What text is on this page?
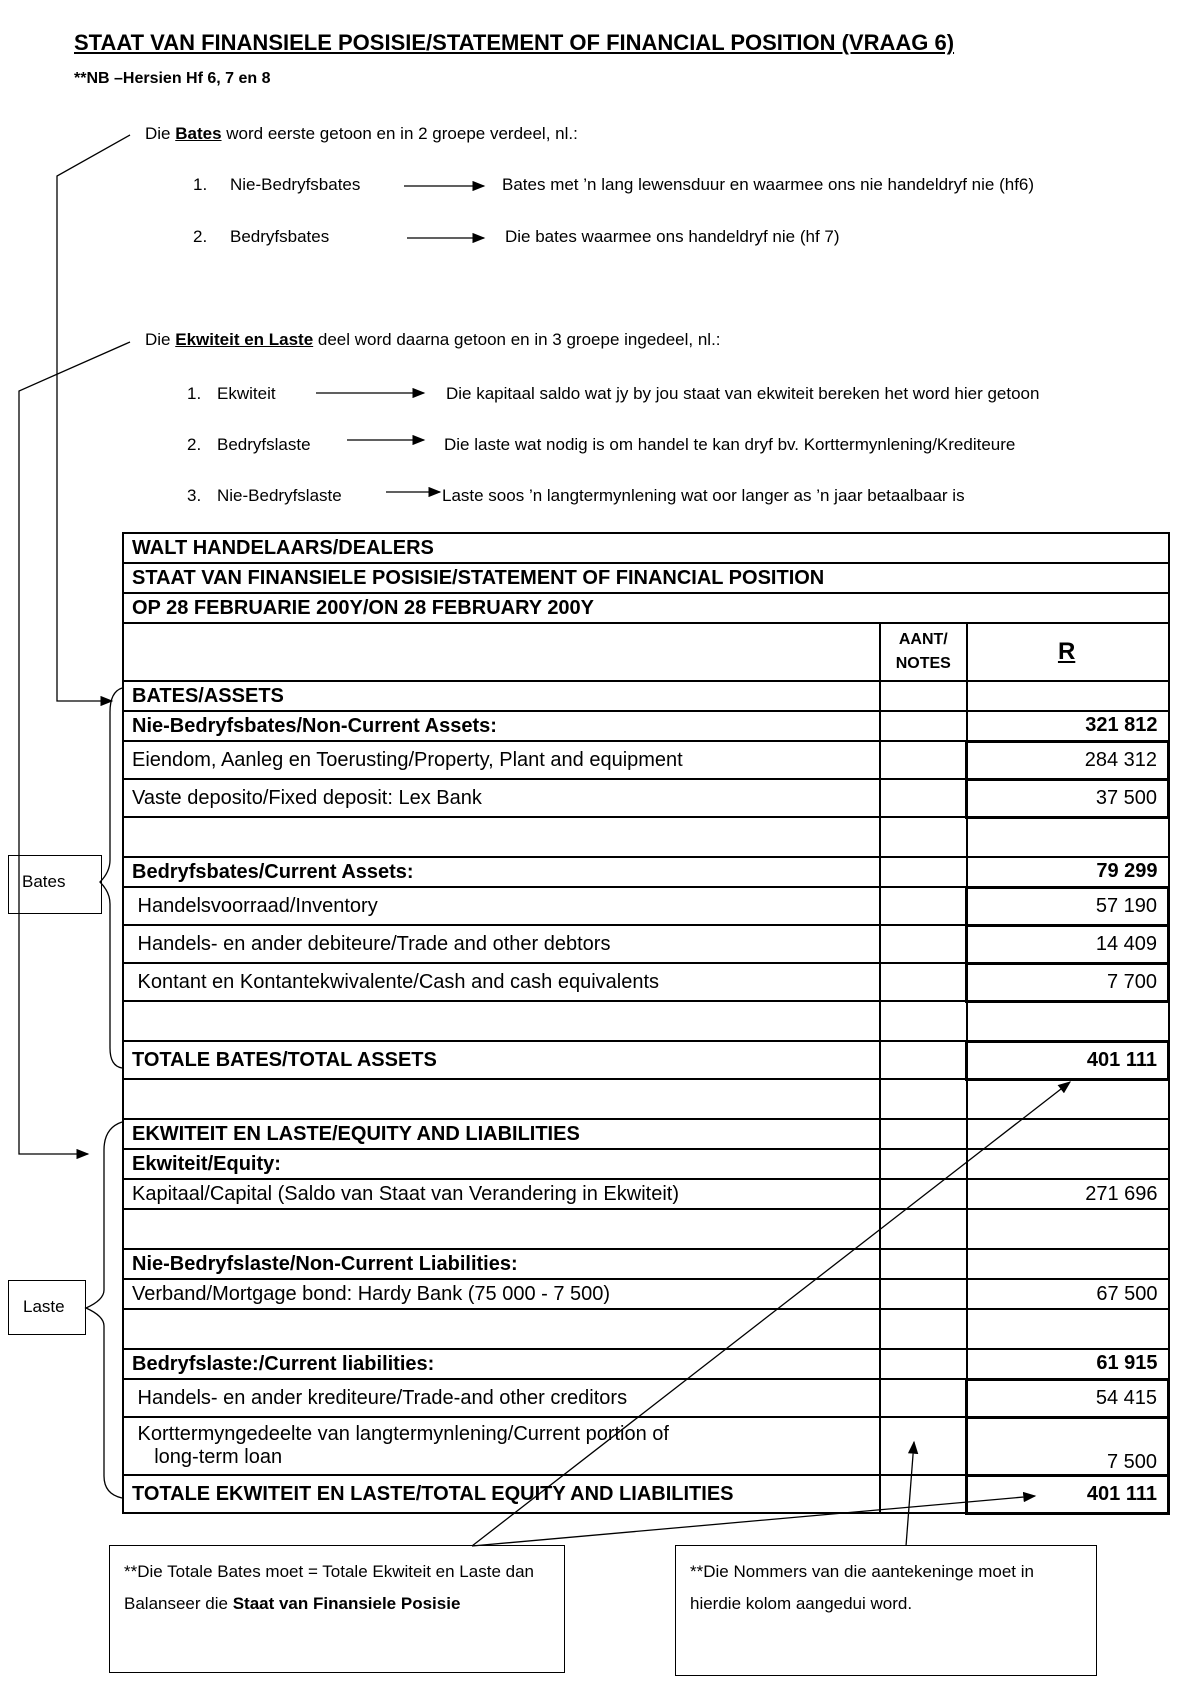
STAAT VAN FINANSIELE POSISIE/STATEMENT OF FINANCIAL POSITION (VRAAG 6)
**NB –Hersien Hf 6, 7 en 8
Die Bates word eerste getoon en in 2 groepe verdeel, nl.:
1. Nie-Bedryfsbates	Bates met ’n lang lewensduur en waarmee ons nie handeldryf nie (hf6)
2. Bedryfsbates	Die bates waarmee ons handeldryf nie (hf 7)
Die Ekwiteit en Laste deel word daarna getoon en in 3 groepe ingedeel, nl.:
1. Ekwiteit	Die kapitaal saldo wat jy by jou staat van ekwiteit bereken het word hier getoon
2. Bedryfslaste	Die laste wat nodig is om handel te kan dryf bv. Korttermynlening/Krediteure
3. Nie-Bedryfslaste	Laste soos ’n langtermynlening wat oor langer as ’n jaar betaalbaar is
Bates
Laste
WALT HANDELAARS/DEALERS		
STAAT VAN FINANSIELE POSISIE/STATEMENT OF FINANCIAL POSITION		
OP 28 FEBRUARIE 200Y/ON 28 FEBRUARY 200Y		
	AANT/
NOTES	R
BATES/ASSETS		
Nie-Bedryfsbates/Non-Current Assets:		321 812
Eiendom, Aanleg en Toerusting/Property, Plant and equipment		284 312
Vaste deposito/Fixed deposit: Lex Bank		37 500

Bedryfsbates/Current Assets:		79 299
Handelsvoorraad/Inventory		57 190
Handels- en ander debiteure/Trade and other debtors		14 409
Kontant en Kontantekwivalente/Cash and cash equivalents		7 700

TOTALE BATES/TOTAL ASSETS		401 111

EKWITEIT EN LASTE/EQUITY AND LIABILITIES		
Ekwiteit/Equity:		
Kapitaal/Capital (Saldo van Staat van Verandering in Ekwiteit)		271 696

Nie-Bedryfslaste/Non-Current Liabilities:		
Verband/Mortgage bond: Hardy Bank (75 000 - 7 500)		67 500

Bedryfslaste:/Current liabilities:		61 915
Handels- en ander krediteure/Trade-and other creditors		54 415
Korttermyngedeelte van langtermynlening/Current portion of
long-term loan		7 500
TOTALE EKWITEIT EN LASTE/TOTAL EQUITY AND LIABILITIES		401 111
**Die Totale Bates moet = Totale Ekwiteit en Laste dan Balanseer die Staat van Finansiele Posisie
**Die Nommers van die aantekeninge moet in hierdie kolom aangedui word.
